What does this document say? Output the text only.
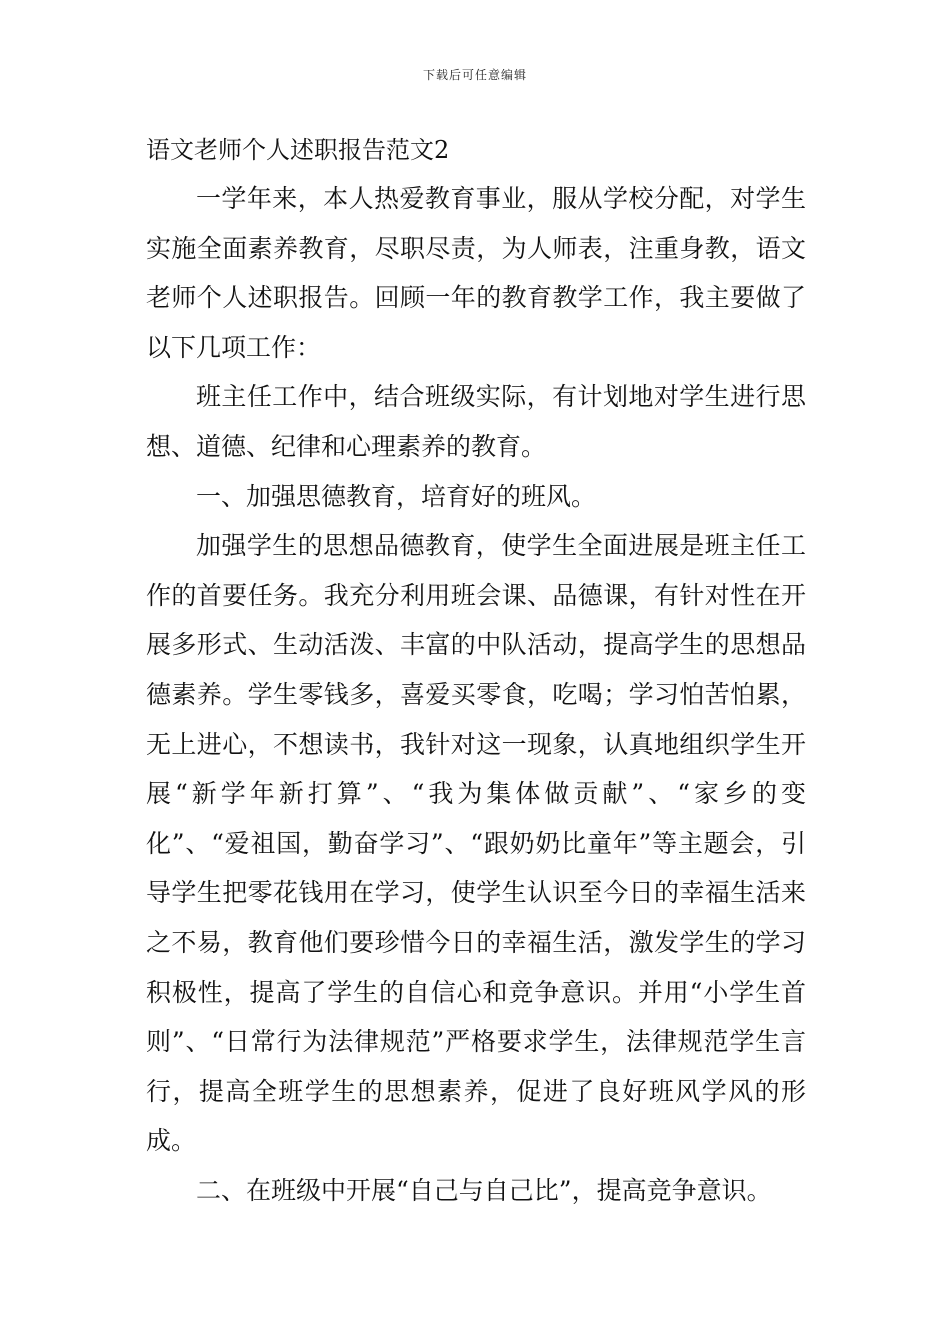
下载后可任意编辑
语文老师个人述职报告范文2

一学年来，本人热爱教育事业，服从学校分配，对学生实施全面素养教育，尽职尽责，为人师表，注重身教，语文老师个人述职报告。回顾一年的教育教学工作，我主要做了以下几项工作：

班主任工作中，结合班级实际，有计划地对学生进行思想、道德、纪律和心理素养的教育。

一、加强思德教育，培育好的班风。

加强学生的思想品德教育，使学生全面进展是班主任工作的首要任务。我充分利用班会课、品德课，有针对性在开展多形式、生动活泼、丰富的中队活动，提高学生的思想品德素养。学生零钱多，喜爱买零食，吃喝；学习怕苦怕累，无上进心，不想读书，我针对这一现象，认真地组织学生开展“新学年新打算”、“我为集体做贡献”、“家乡的变化”、“爱祖国，勤奋学习”、“跟奶奶比童年”等主题会，引导学生把零花钱用在学习，使学生认识至今日的幸福生活来之不易，教育他们要珍惜今日的幸福生活，激发学生的学习积极性，提高了学生的自信心和竞争意识。并用“小学生首则”、“日常行为法律规范”严格要求学生，法律规范学生言行，提高全班学生的思想素养，促进了良好班风学风的形成。

二、在班级中开展“自己与自己比”，提高竞争意识。
